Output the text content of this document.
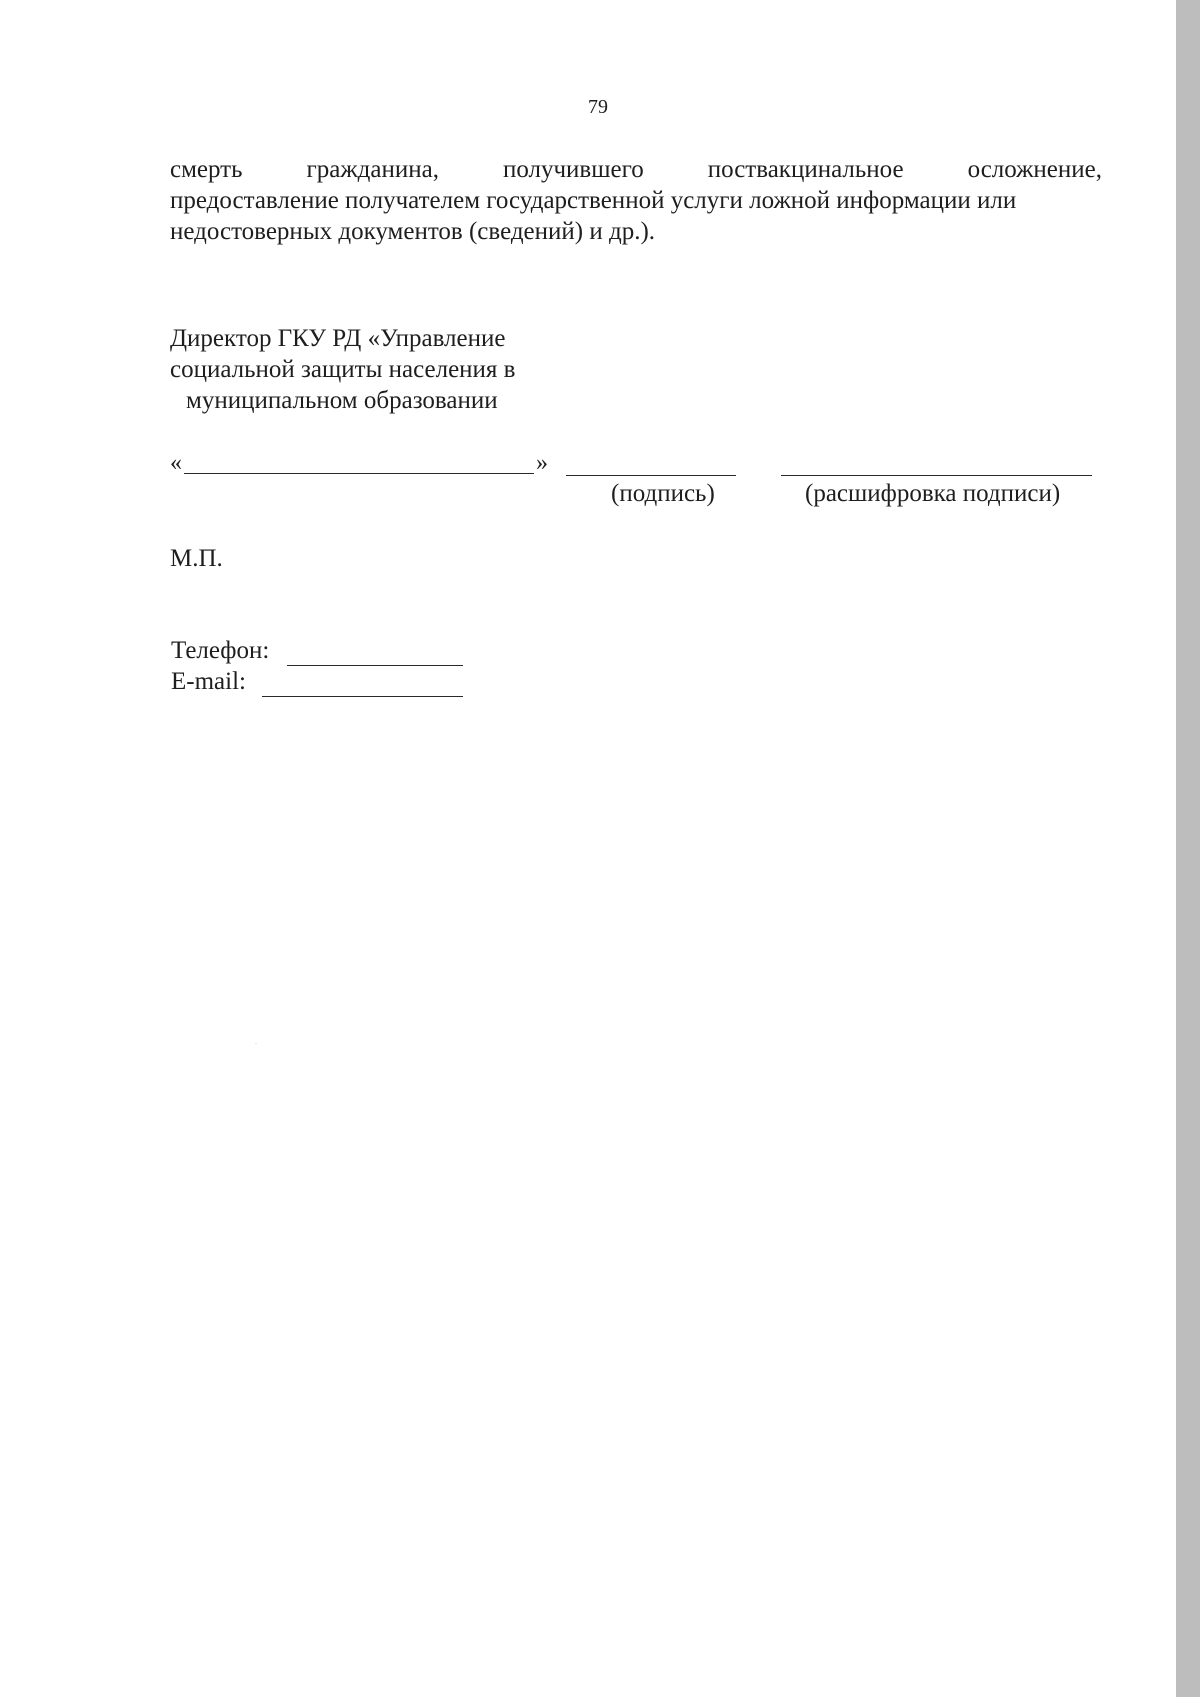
79
смерть гражданина, получившего поствакцинальное осложнение,
предоставление получателем государственной услуги ложной информации или
недостоверных документов (сведений) и др.).
Директор ГКУ РД «Управление
социальной защиты населения в
муниципальном образовании
«	»
(подпись)	(расшифровка подписи)
М.П.
Телефон:
E-mail:
